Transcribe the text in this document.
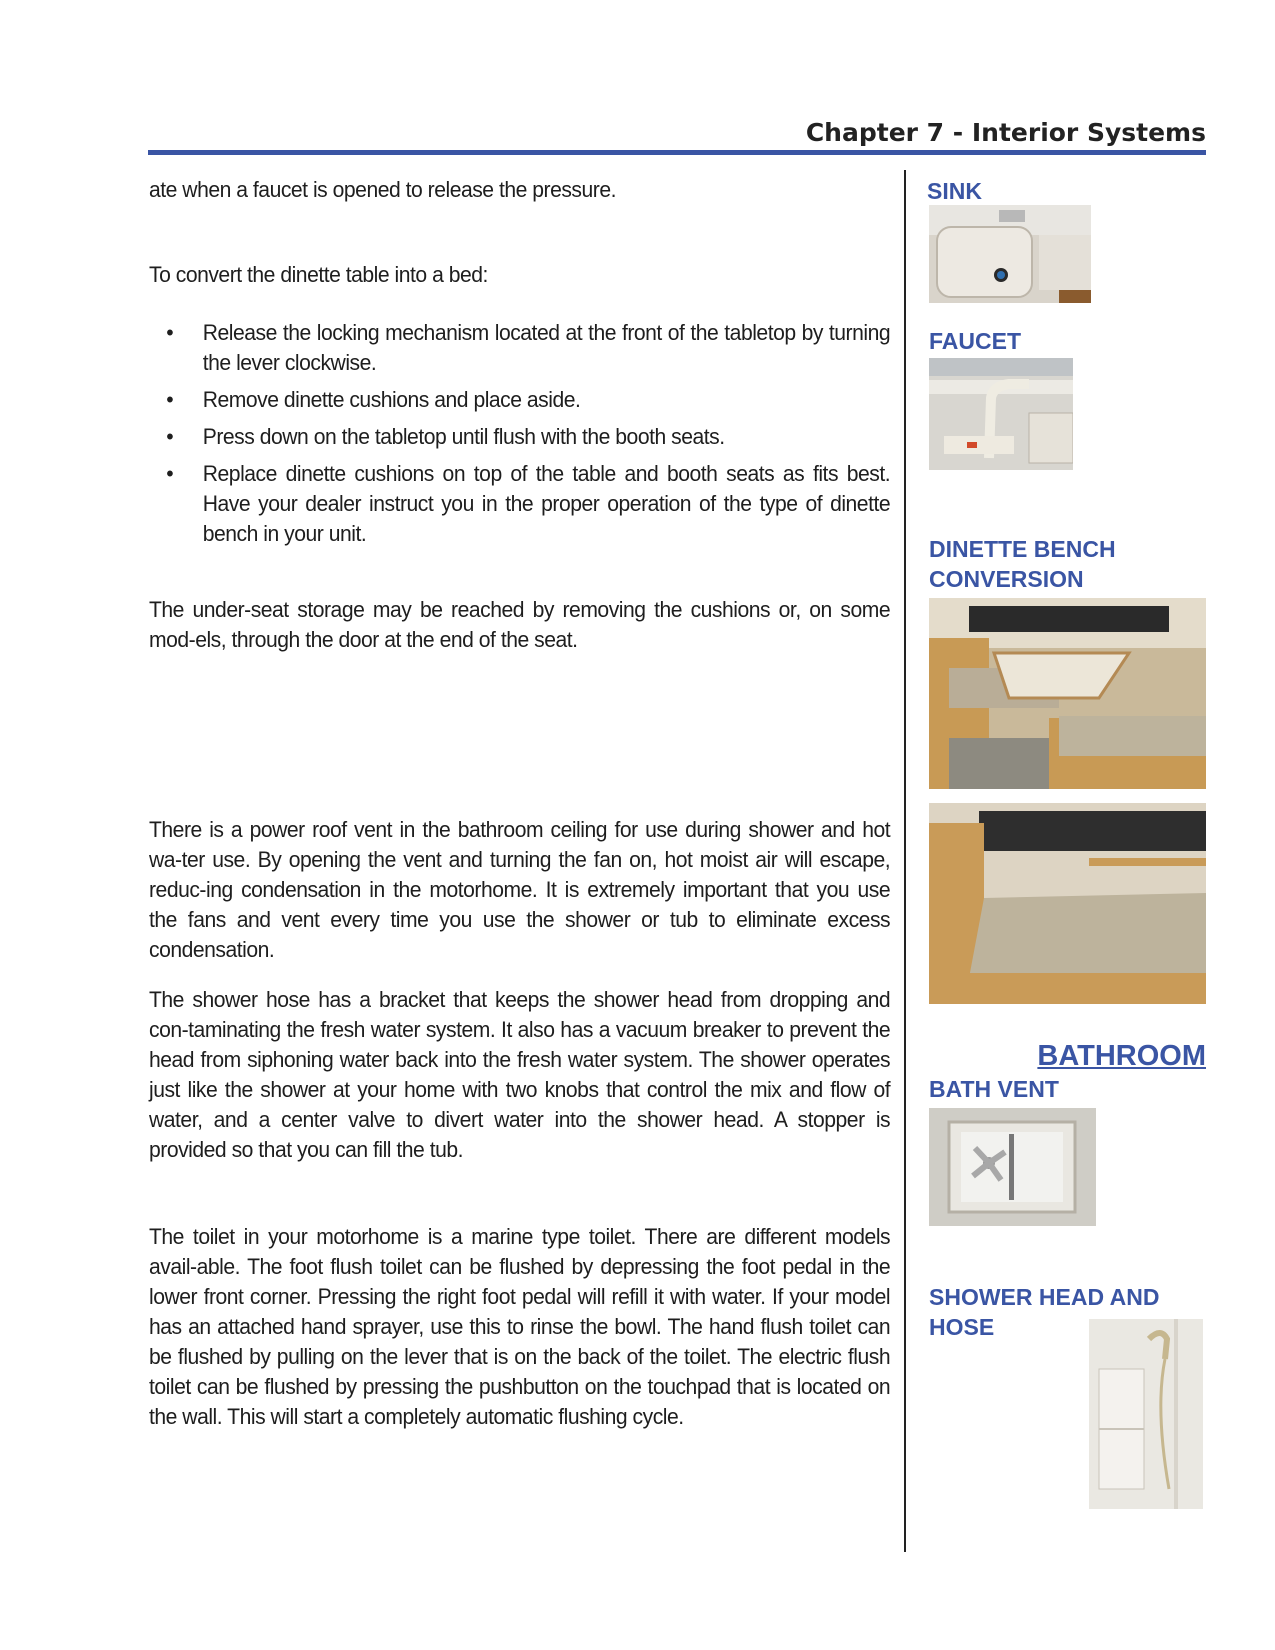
Chapter 7 - Interior Systems

ate when a faucet is opened to release the pressure.

To convert the dinette table into a bed:

• Release the locking mechanism located at the front of the tabletop by turning the lever clockwise.
• Remove dinette cushions and place aside.
• Press down on the tabletop until flush with the booth seats.
• Replace dinette cushions on top of the table and booth seats as fits best. Have your dealer instruct you in the proper operation of the type of dinette bench in your unit.

The under-seat storage may be reached by removing the cushions or, on some mod-els, through the door at the end of the seat.

There is a power roof vent in the bathroom ceiling for use during shower and hot wa-ter use. By opening the vent and turning the fan on, hot moist air will escape, reduc-ing condensation in the motorhome. It is extremely important that you use the fans and vent every time you use the shower or tub to eliminate excess condensation.

The shower hose has a bracket that keeps the shower head from dropping and con-taminating the fresh water system. It also has a vacuum breaker to prevent the head from siphoning water back into the fresh water system. The shower operates just like the shower at your home with two knobs that control the mix and flow of water, and a center valve to divert water into the shower head. A stopper is provided so that you can fill the tub.

The toilet in your motorhome is a marine type toilet. There are different models avail-able. The foot flush toilet can be flushed by depressing the foot pedal in the lower front corner. Pressing the right foot pedal will refill it with water. If your model has an attached hand sprayer, use this to rinse the bowl. The hand flush toilet can be flushed by pulling on the lever that is on the back of the toilet. The electric flush toilet can be flushed by pressing the pushbutton on the touchpad that is located on the wall. This will start a completely automatic flushing cycle.

SINK
FAUCET
DINETTE BENCH
CONVERSION
BATHROOM
BATH VENT
SHOWER HEAD AND
HOSE
